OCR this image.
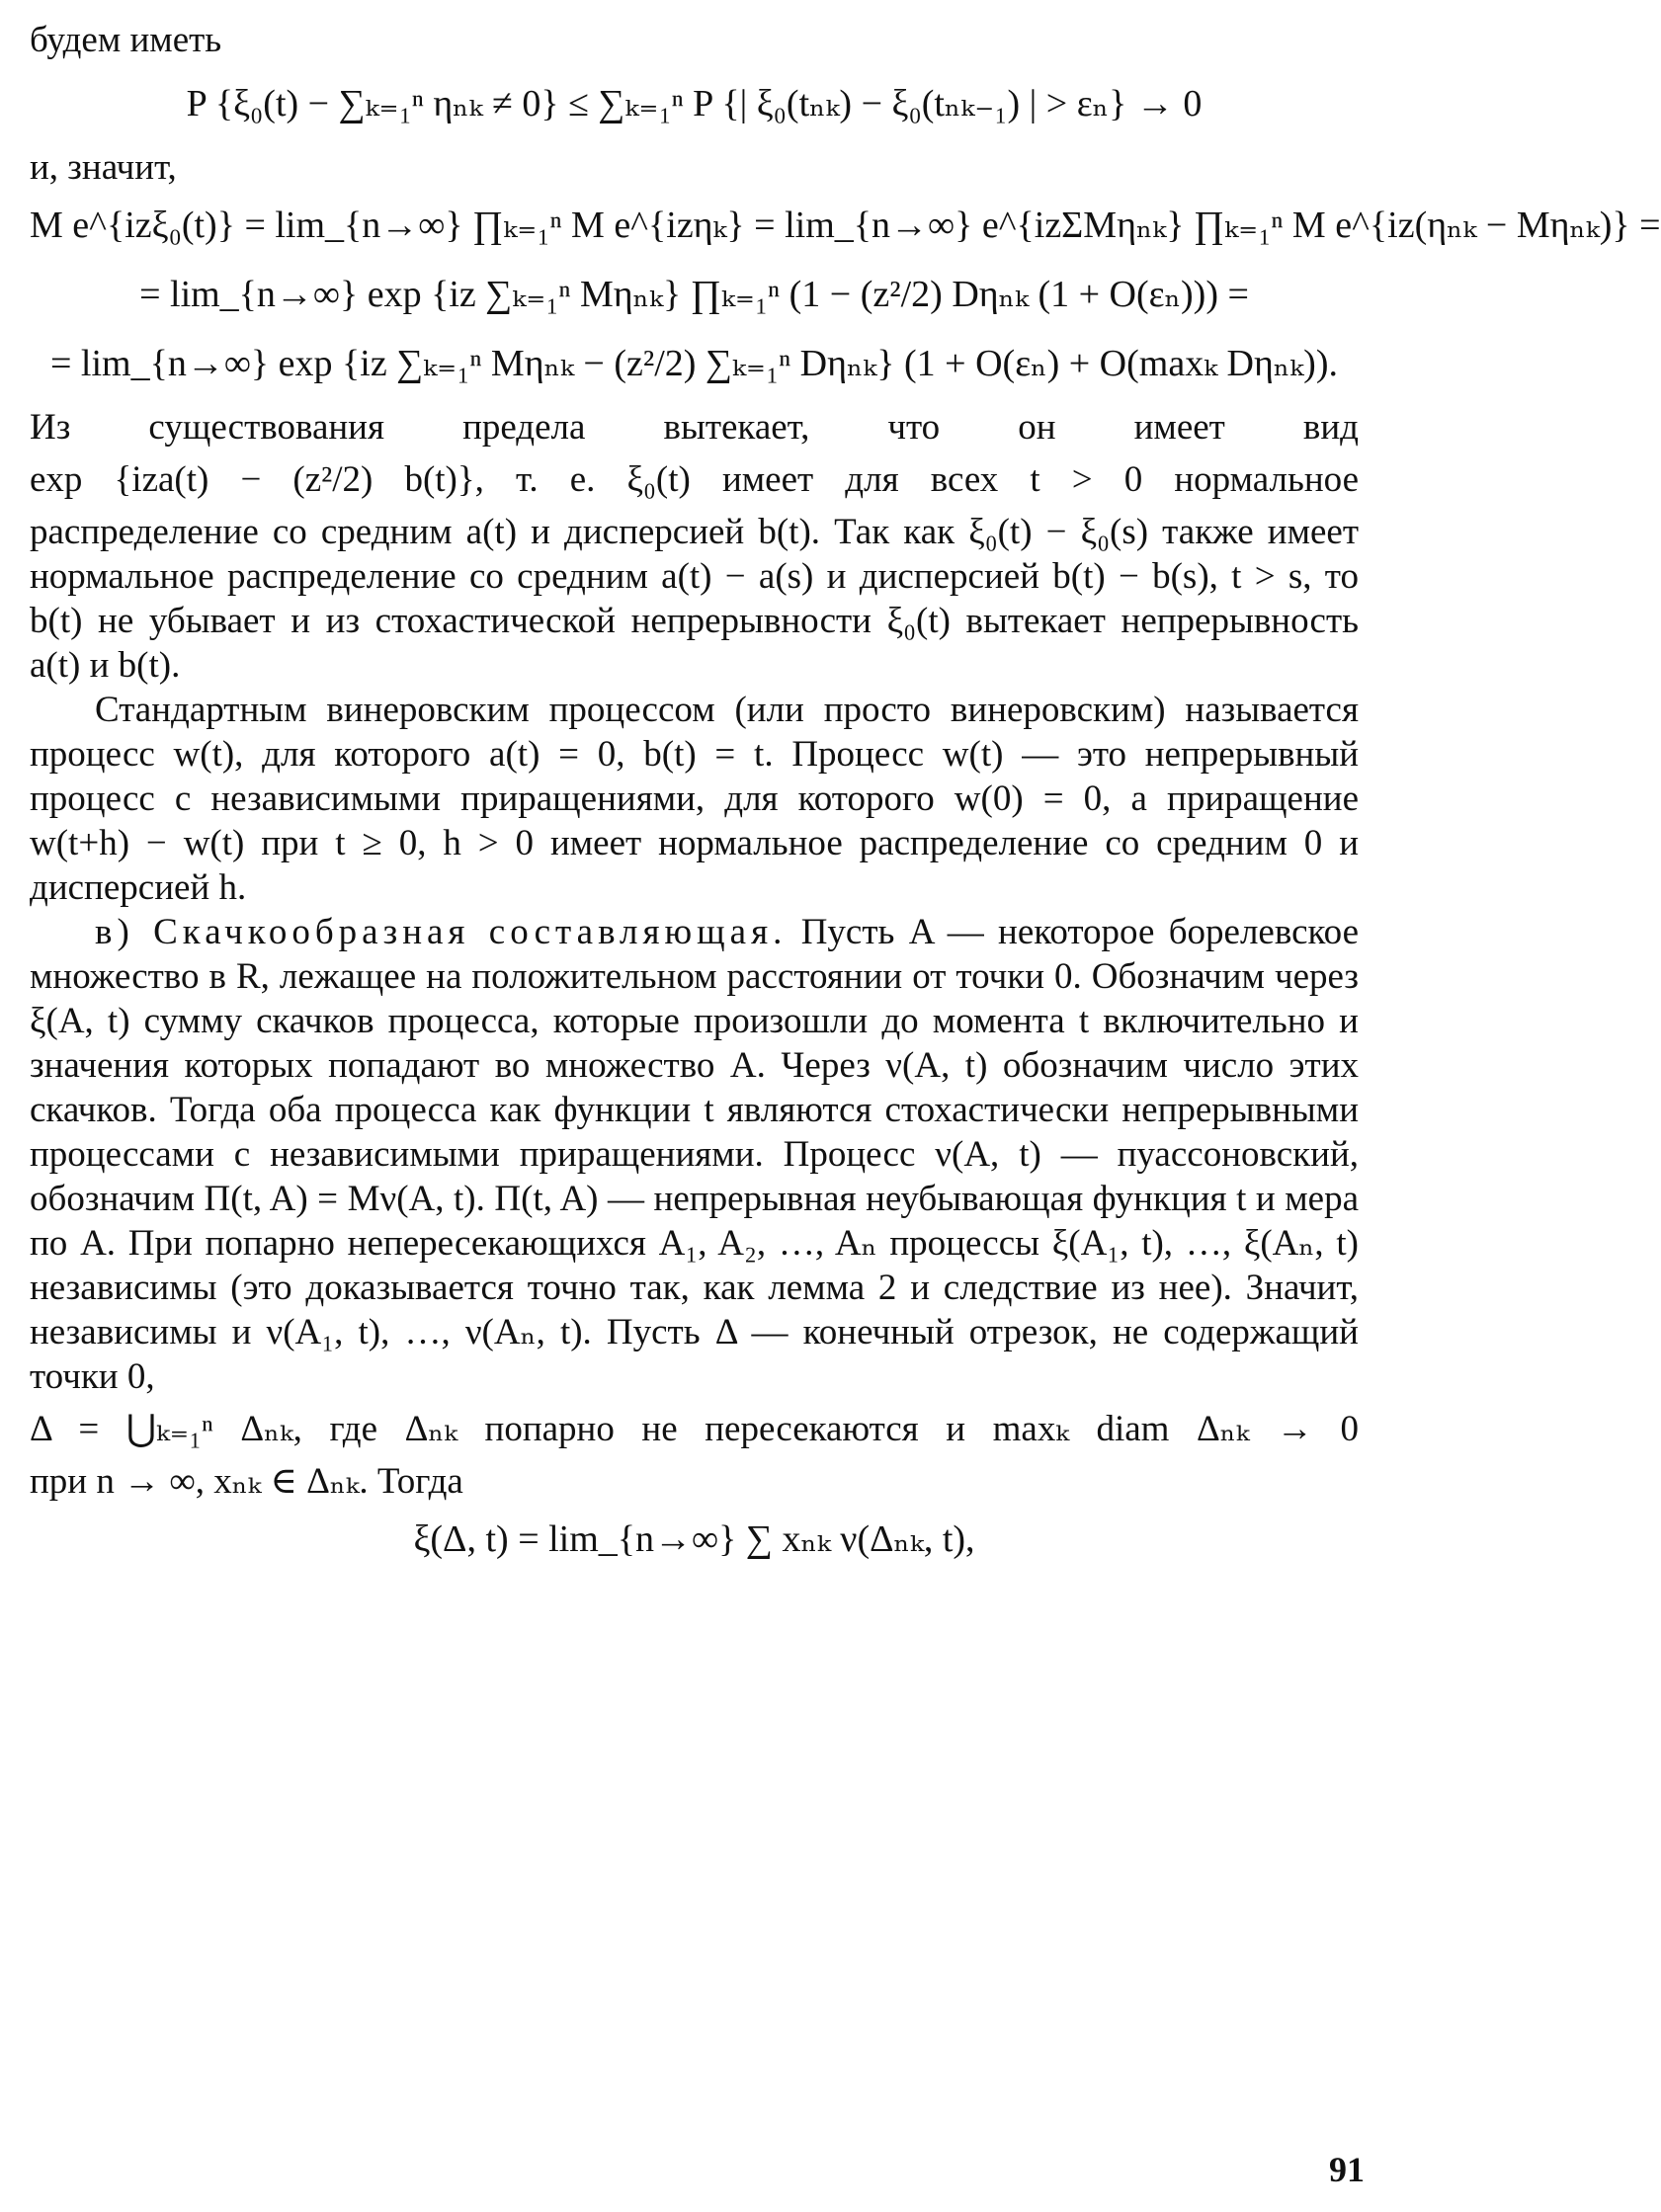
будем иметь

P {ξ₀(t) − ∑ₖ₌₁ⁿ ηₙₖ ≠ 0} ≤ ∑ₖ₌₁ⁿ P {| ξ₀(tₙₖ) − ξ₀(tₙₖ₋₁) | > εₙ} → 0

и, значит,

M e^{izξ₀(t)} = lim_{n→∞} ∏ₖ₌₁ⁿ M e^{izηₖ} = lim_{n→∞} e^{izΣMηₙₖ} ∏ₖ₌₁ⁿ M e^{iz(ηₙₖ − Mηₙₖ)} =

= lim_{n→∞} exp {iz ∑ₖ₌₁ⁿ Mηₙₖ} ∏ₖ₌₁ⁿ (1 − (z²/2) Dηₙₖ (1 + O(εₙ))) =

= lim_{n→∞} exp {iz ∑ₖ₌₁ⁿ Mηₙₖ − (z²/2) ∑ₖ₌₁ⁿ Dηₙₖ} (1 + O(εₙ) + O(maxₖ Dηₙₖ)).

Из существования предела вытекает, что он имеет вид

exp {iza(t) − (z²/2) b(t)}, т. е. ξ₀(t) имеет для всех t > 0 нормальное

распределение со средним a(t) и дисперсией b(t). Так как ξ₀(t) − ξ₀(s) также имеет нормальное распределение со средним a(t) − a(s) и дисперсией b(t) − b(s), t > s, то b(t) не убывает и из стохастической непрерывности ξ₀(t) вытекает непрерывность a(t) и b(t).

Стандартным винеровским процессом (или просто винеровским) называется процесс w(t), для которого a(t) = 0, b(t) = t. Процесс w(t) — это непрерывный процесс с независимыми приращениями, для которого w(0) = 0, а приращение w(t+h) − w(t) при t ≥ 0, h > 0 имеет нормальное распределение со средним 0 и дисперсией h.

в) Скачкообразная составляющая. Пусть A — некоторое борелевское множество в R, лежащее на положительном расстоянии от точки 0. Обозначим через ξ(A, t) сумму скачков процесса, которые произошли до момента t включительно и значения которых попадают во множество A. Через ν(A, t) обозначим число этих скачков. Тогда оба процесса как функции t являются стохастически непрерывными процессами с независимыми приращениями. Процесс ν(A, t) — пуассоновский, обозначим Π(t, A) = Mν(A, t). Π(t, A) — непрерывная неубывающая функция t и мера по A. При попарно непересекающихся A₁, A₂, …, Aₙ процессы ξ(A₁, t), …, ξ(Aₙ, t) независимы (это доказывается точно так, как лемма 2 и следствие из нее). Значит, независимы и ν(A₁, t), …, ν(Aₙ, t). Пусть Δ — конечный отрезок, не содержащий точки 0,

Δ = ⋃ₖ₌₁ⁿ Δₙₖ, где Δₙₖ попарно не пересекаются и maxₖ diam Δₙₖ → 0

при n → ∞, xₙₖ ∈ Δₙₖ. Тогда

ξ(Δ, t) = lim_{n→∞} ∑ xₙₖ ν(Δₙₖ, t),

91
